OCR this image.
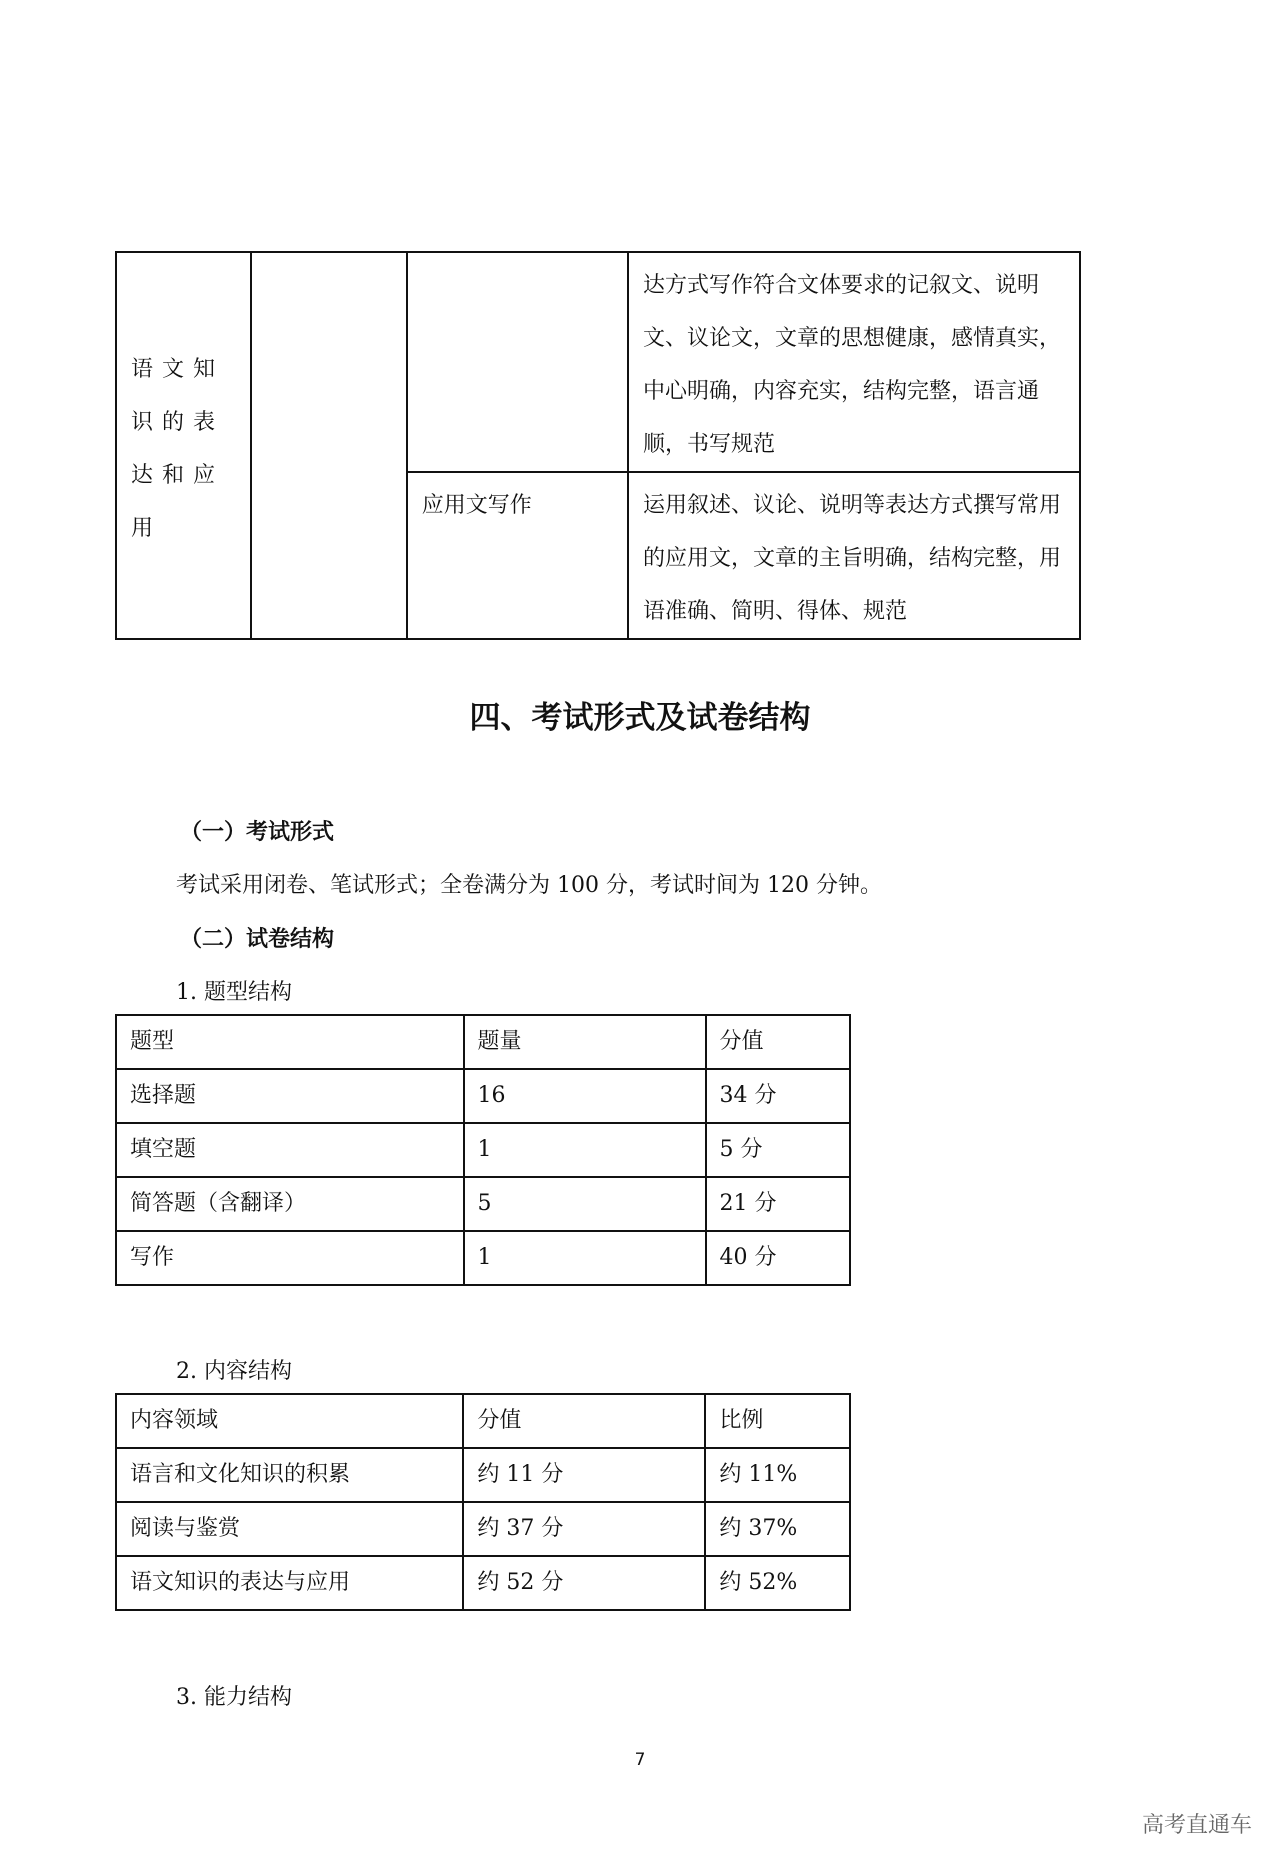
语文知识的表达和应用			达方式写作符合文体要求的记叙文、说明文、议论文，文章的思想健康，感情真实，中心明确，内容充实，结构完整，语言通顺，书写规范
		应用文写作	运用叙述、议论、说明等表达方式撰写常用的应用文，文章的主旨明确，结构完整，用语准确、简明、得体、规范
四、考试形式及试卷结构
（一）考试形式
考试采用闭卷、笔试形式；全卷满分为 100 分，考试时间为 120 分钟。
（二）试卷结构
1. 题型结构
题型	题量	分值
选择题	16	34 分
填空题	1	5 分
简答题（含翻译）	5	21 分
写作	1	40 分
2. 内容结构
内容领域	分值	比例
语言和文化知识的积累	约 11 分	约 11%
阅读与鉴赏	约 37 分	约 37%
语文知识的表达与应用	约 52 分	约 52%
3. 能力结构
7
高考直通车
